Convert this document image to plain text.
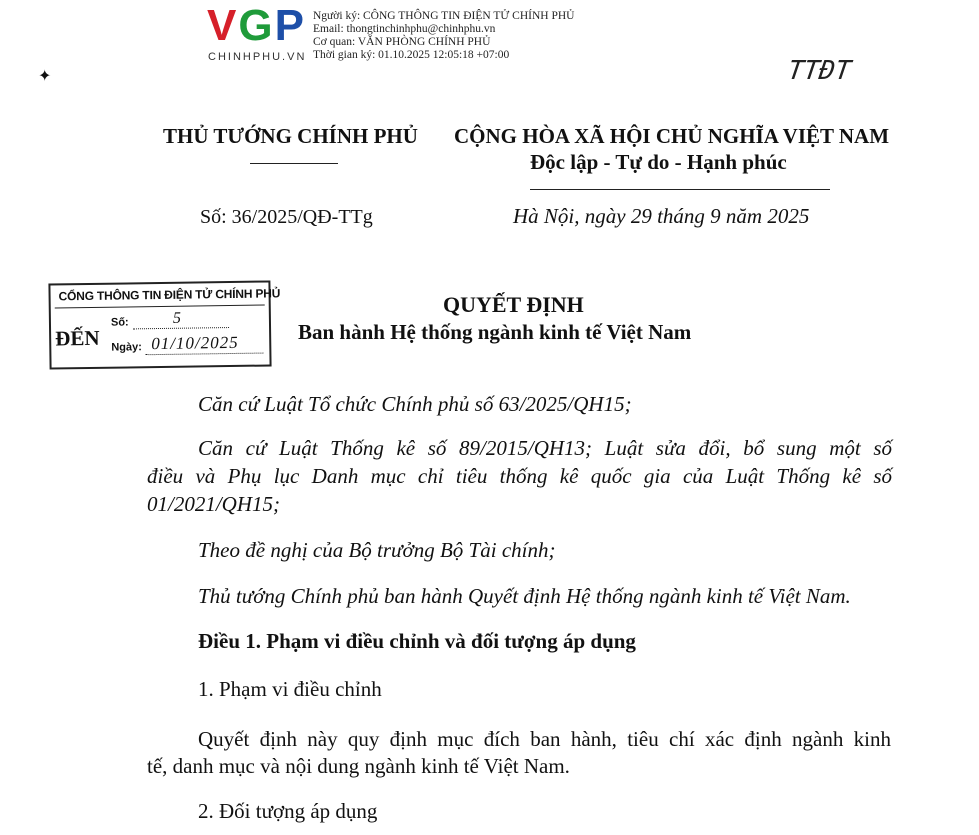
VGP
CHINHPHU.VN
Người ký: CÔNG THÔNG TIN ĐIỆN TỬ CHÍNH PHỦ
Email: thongtinchinhphu@chinhphu.vn
Cơ quan: VĂN PHÒNG CHÍNH PHỦ
Thời gian ký: 01.10.2025 12:05:18 +07:00
TTĐT
✦
THỦ TƯỚNG CHÍNH PHỦ CỘNG HÒA XÃ HỘI CHỦ NGHĨA VIỆT NAM
Độc lập - Tự do - Hạnh phúc
Số: 36/2025/QĐ-TTg	Hà Nội, ngày 29 tháng 9 năm 2025
CỔNG THÔNG TIN ĐIỆN TỬ CHÍNH PHỦ
ĐẾN
Số:	5
Ngày: 01/10/2025
QUYẾT ĐỊNH
Ban hành Hệ thống ngành kinh tế Việt Nam
Căn cứ Luật Tổ chức Chính phủ số 63/2025/QH15;
Căn cứ Luật Thống kê số 89/2015/QH13; Luật sửa đổi, bổ sung một số
điều và Phụ lục Danh mục chỉ tiêu thống kê quốc gia của Luật Thống kê số
01/2021/QH15;
Theo đề nghị của Bộ trưởng Bộ Tài chính;
Thủ tướng Chính phủ ban hành Quyết định Hệ thống ngành kinh tế Việt Nam.
Điều 1. Phạm vi điều chỉnh và đối tượng áp dụng
1. Phạm vi điều chỉnh
Quyết định này quy định mục đích ban hành, tiêu chí xác định ngành kinh
tế, danh mục và nội dung ngành kinh tế Việt Nam.
2. Đối tượng áp dụng
